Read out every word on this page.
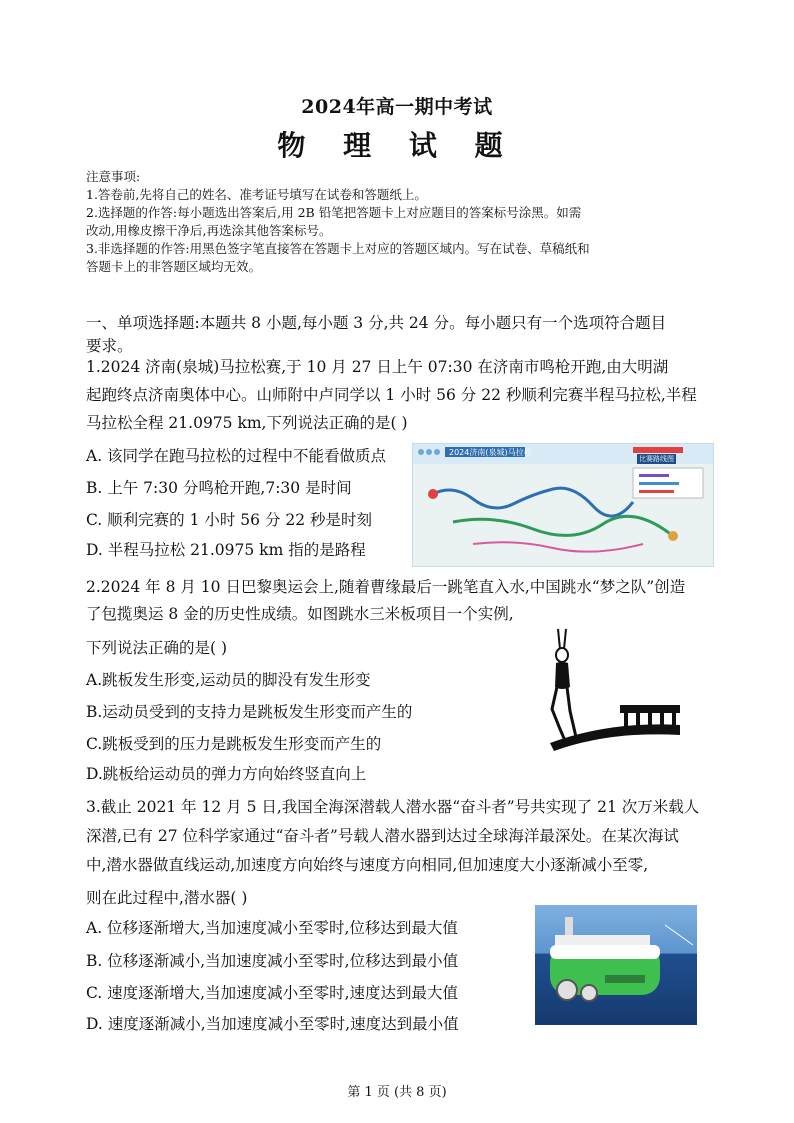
2024年高一期中考试
物 理 试 题
注意事项:
1.答卷前,先将自己的姓名、准考证号填写在试卷和答题纸上。
2.选择题的作答:每小题选出答案后,用 2B 铅笔把答题卡上对应题目的答案标号涂黑。如需
改动,用橡皮擦干净后,再选涂其他答案标号。
3.非选择题的作答:用黑色签字笔直接答在答题卡上对应的答题区域内。写在试卷、草稿纸和
答题卡上的非答题区域均无效。
一、单项选择题:本题共 8 小题,每小题 3 分,共 24 分。每小题只有一个选项符合题目
要求。
1.2024 济南(泉城)马拉松赛,于 10 月 27 日上午 07:30 在济南市鸣枪开跑,由大明湖
起跑终点济南奥体中心。山师附中卢同学以 1 小时 56 分 22 秒顺利完赛半程马拉松,半程
马拉松全程 21.0975 km,下列说法正确的是( )
A. 该同学在跑马拉松的过程中不能看做质点
B. 上午 7:30 分鸣枪开跑,7:30 是时间
C. 顺利完赛的 1 小时 56 分 22 秒是时刻
D. 半程马拉松 21.0975 km 指的是路程
2024济南(泉城)马拉松
比赛路线图
2.2024 年 8 月 10 日巴黎奥运会上,随着曹缘最后一跳笔直入水,中国跳水“梦之队”创造
了包揽奥运 8 金的历史性成绩。如图跳水三米板项目一个实例,
下列说法正确的是( )
A.跳板发生形变,运动员的脚没有发生形变
B.运动员受到的支持力是跳板发生形变而产生的
C.跳板受到的压力是跳板发生形变而产生的
D.跳板给运动员的弹力方向始终竖直向上
3.截止 2021 年 12 月 5 日,我国全海深潜载人潜水器“奋斗者”号共实现了 21 次万米载人
深潜,已有 27 位科学家通过“奋斗者”号载人潜水器到达过全球海洋最深处。在某次海试
中,潜水器做直线运动,加速度方向始终与速度方向相同,但加速度大小逐渐减小至零,
则在此过程中,潜水器( )
A. 位移逐渐增大,当加速度减小至零时,位移达到最大值
B. 位移逐渐减小,当加速度减小至零时,位移达到最小值
C. 速度逐渐增大,当加速度减小至零时,速度达到最大值
D. 速度逐渐减小,当加速度减小至零时,速度达到最小值
第 1 页 (共 8 页)
